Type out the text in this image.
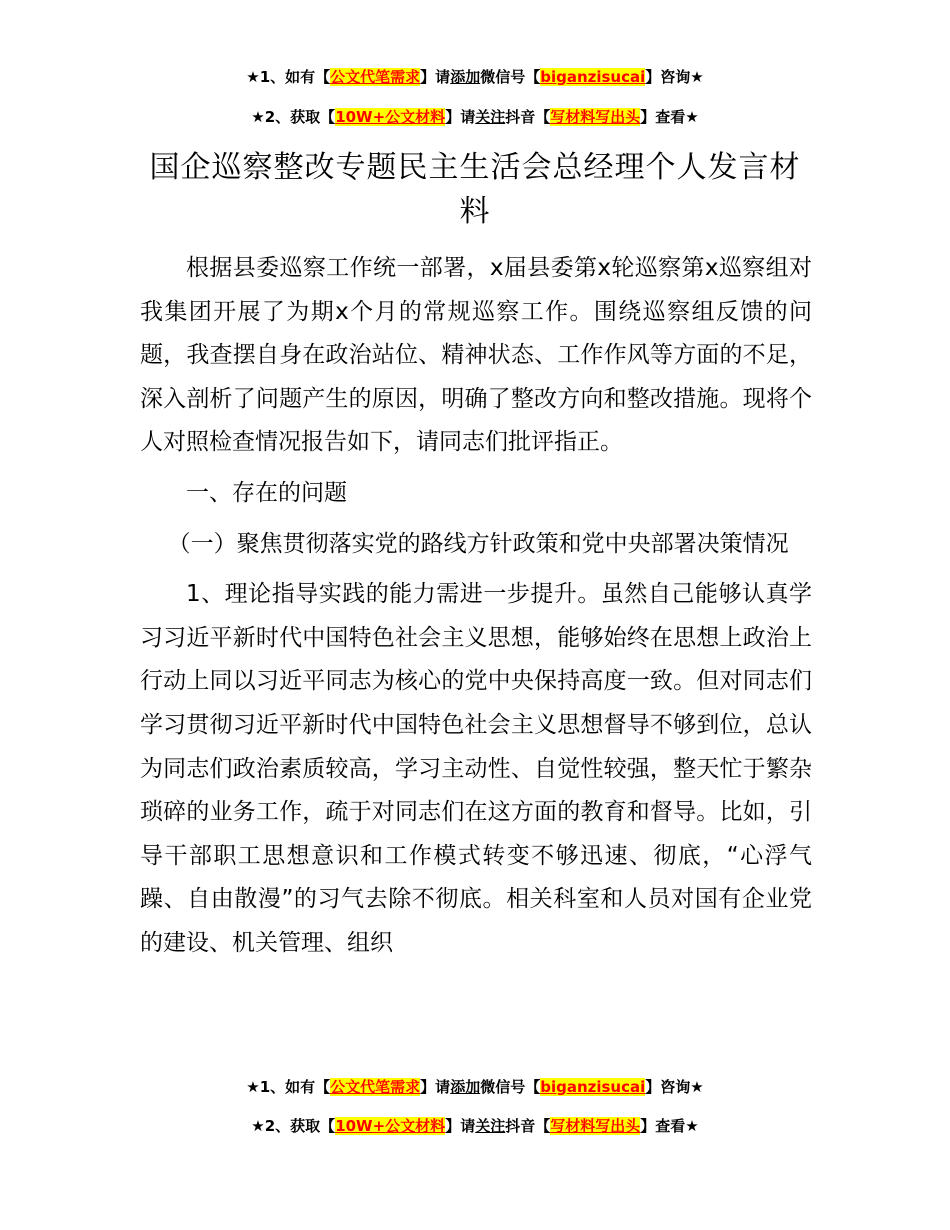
★1、如有【公文代笔需求】请添加微信号【biganzisucai】咨询★
★2、获取【10W+公文材料】请关注抖音【写材料写出头】查看★
国企巡察整改专题民主生活会总经理个人发言材料

根据县委巡察工作统一部署，x届县委第x轮巡察第x巡察组对我集团开展了为期x个月的常规巡察工作。围绕巡察组反馈的问题，我查摆自身在政治站位、精神状态、工作作风等方面的不足，深入剖析了问题产生的原因，明确了整改方向和整改措施。现将个人对照检查情况报告如下，请同志们批评指正。

一、存在的问题

（一）聚焦贯彻落实党的路线方针政策和党中央部署决策情况

1、理论指导实践的能力需进一步提升。虽然自己能够认真学习习近平新时代中国特色社会主义思想，能够始终在思想上政治上行动上同以习近平同志为核心的党中央保持高度一致。但对同志们学习贯彻习近平新时代中国特色社会主义思想督导不够到位，总认为同志们政治素质较高，学习主动性、自觉性较强，整天忙于繁杂琐碎的业务工作，疏于对同志们在这方面的教育和督导。比如，引导干部职工思想意识和工作模式转变不够迅速、彻底，“心浮气躁、自由散漫”的习气去除不彻底。相关科室和人员对国有企业党的建设、机关管理、组织

★1、如有【公文代笔需求】请添加微信号【biganzisucai】咨询★
★2、获取【10W+公文材料】请关注抖音【写材料写出头】查看★
